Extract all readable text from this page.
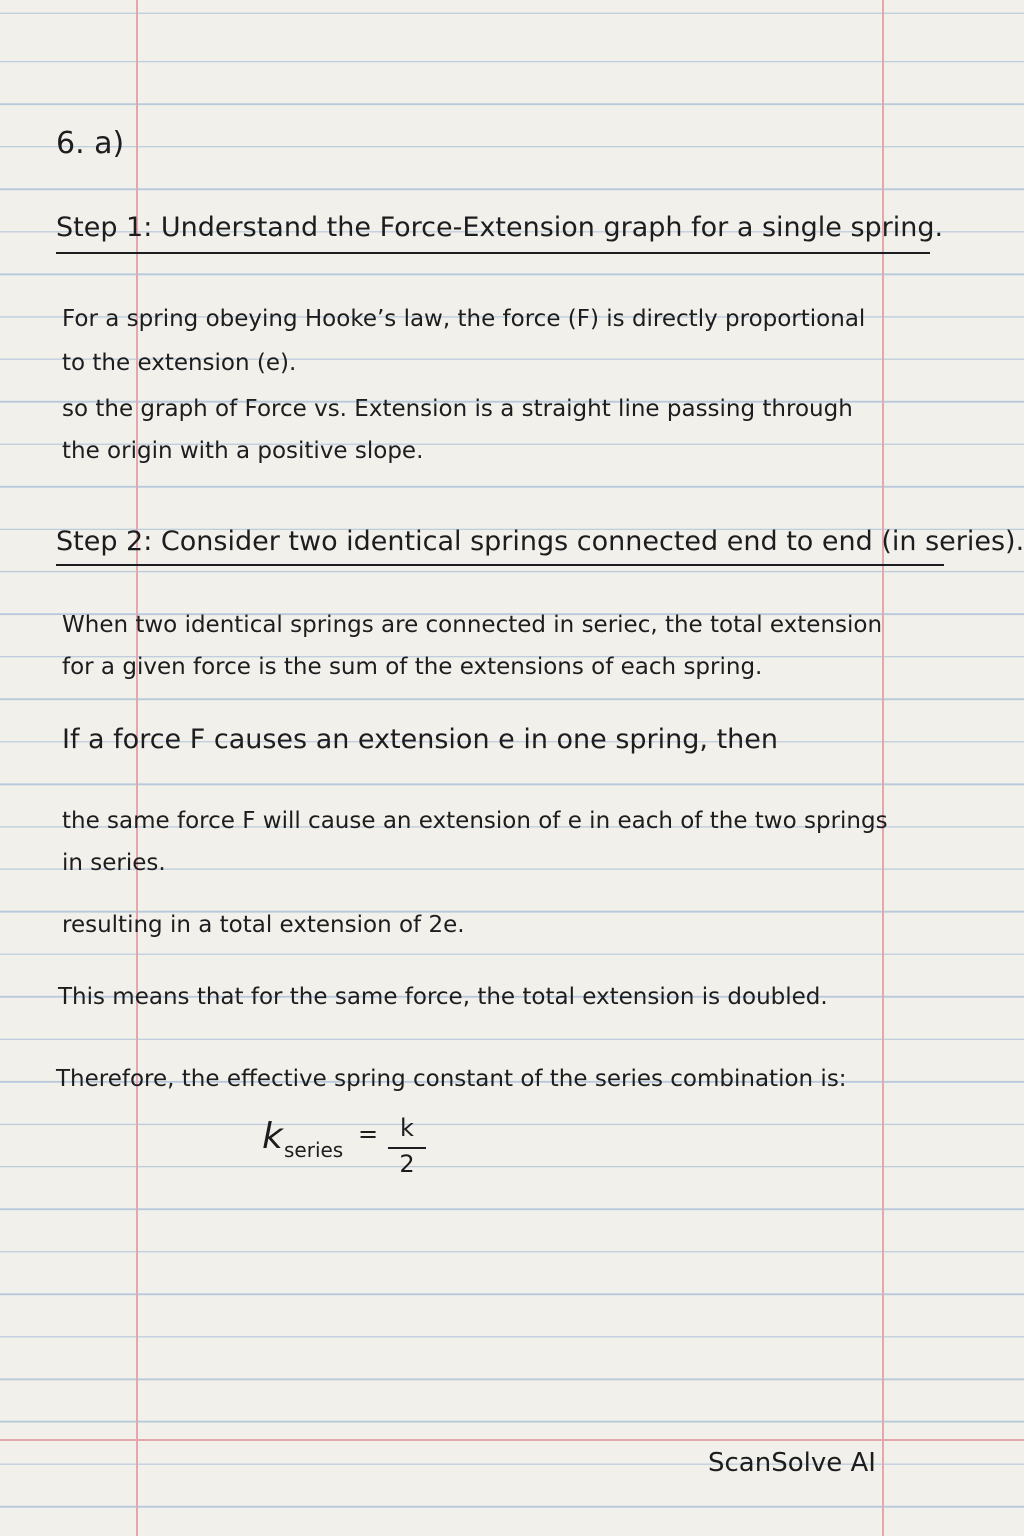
6. a)

Step 1: Understand the Force-Extension graph for a single spring.

For a spring obeying Hooke’s law, the force (F) is directly proportional

to the extension (e).

so the graph of Force vs. Extension is a straight line passing through

the origin with a positive slope.

Step 2: Consider two identical springs connected end to end (in series).

When two identical springs are connected in seriec, the total extension

for a given force is the sum of the extensions of each spring.

If a force F causes an extension e in one spring, then

the same force F will cause an extension of e in each of the two springs

in series.

resulting in a total extension of 2e.

This means that for the same force, the total extension is doubled.

Therefore, the effective spring constant of the series combination is:

k series
= k
2

ScanSolve AI
